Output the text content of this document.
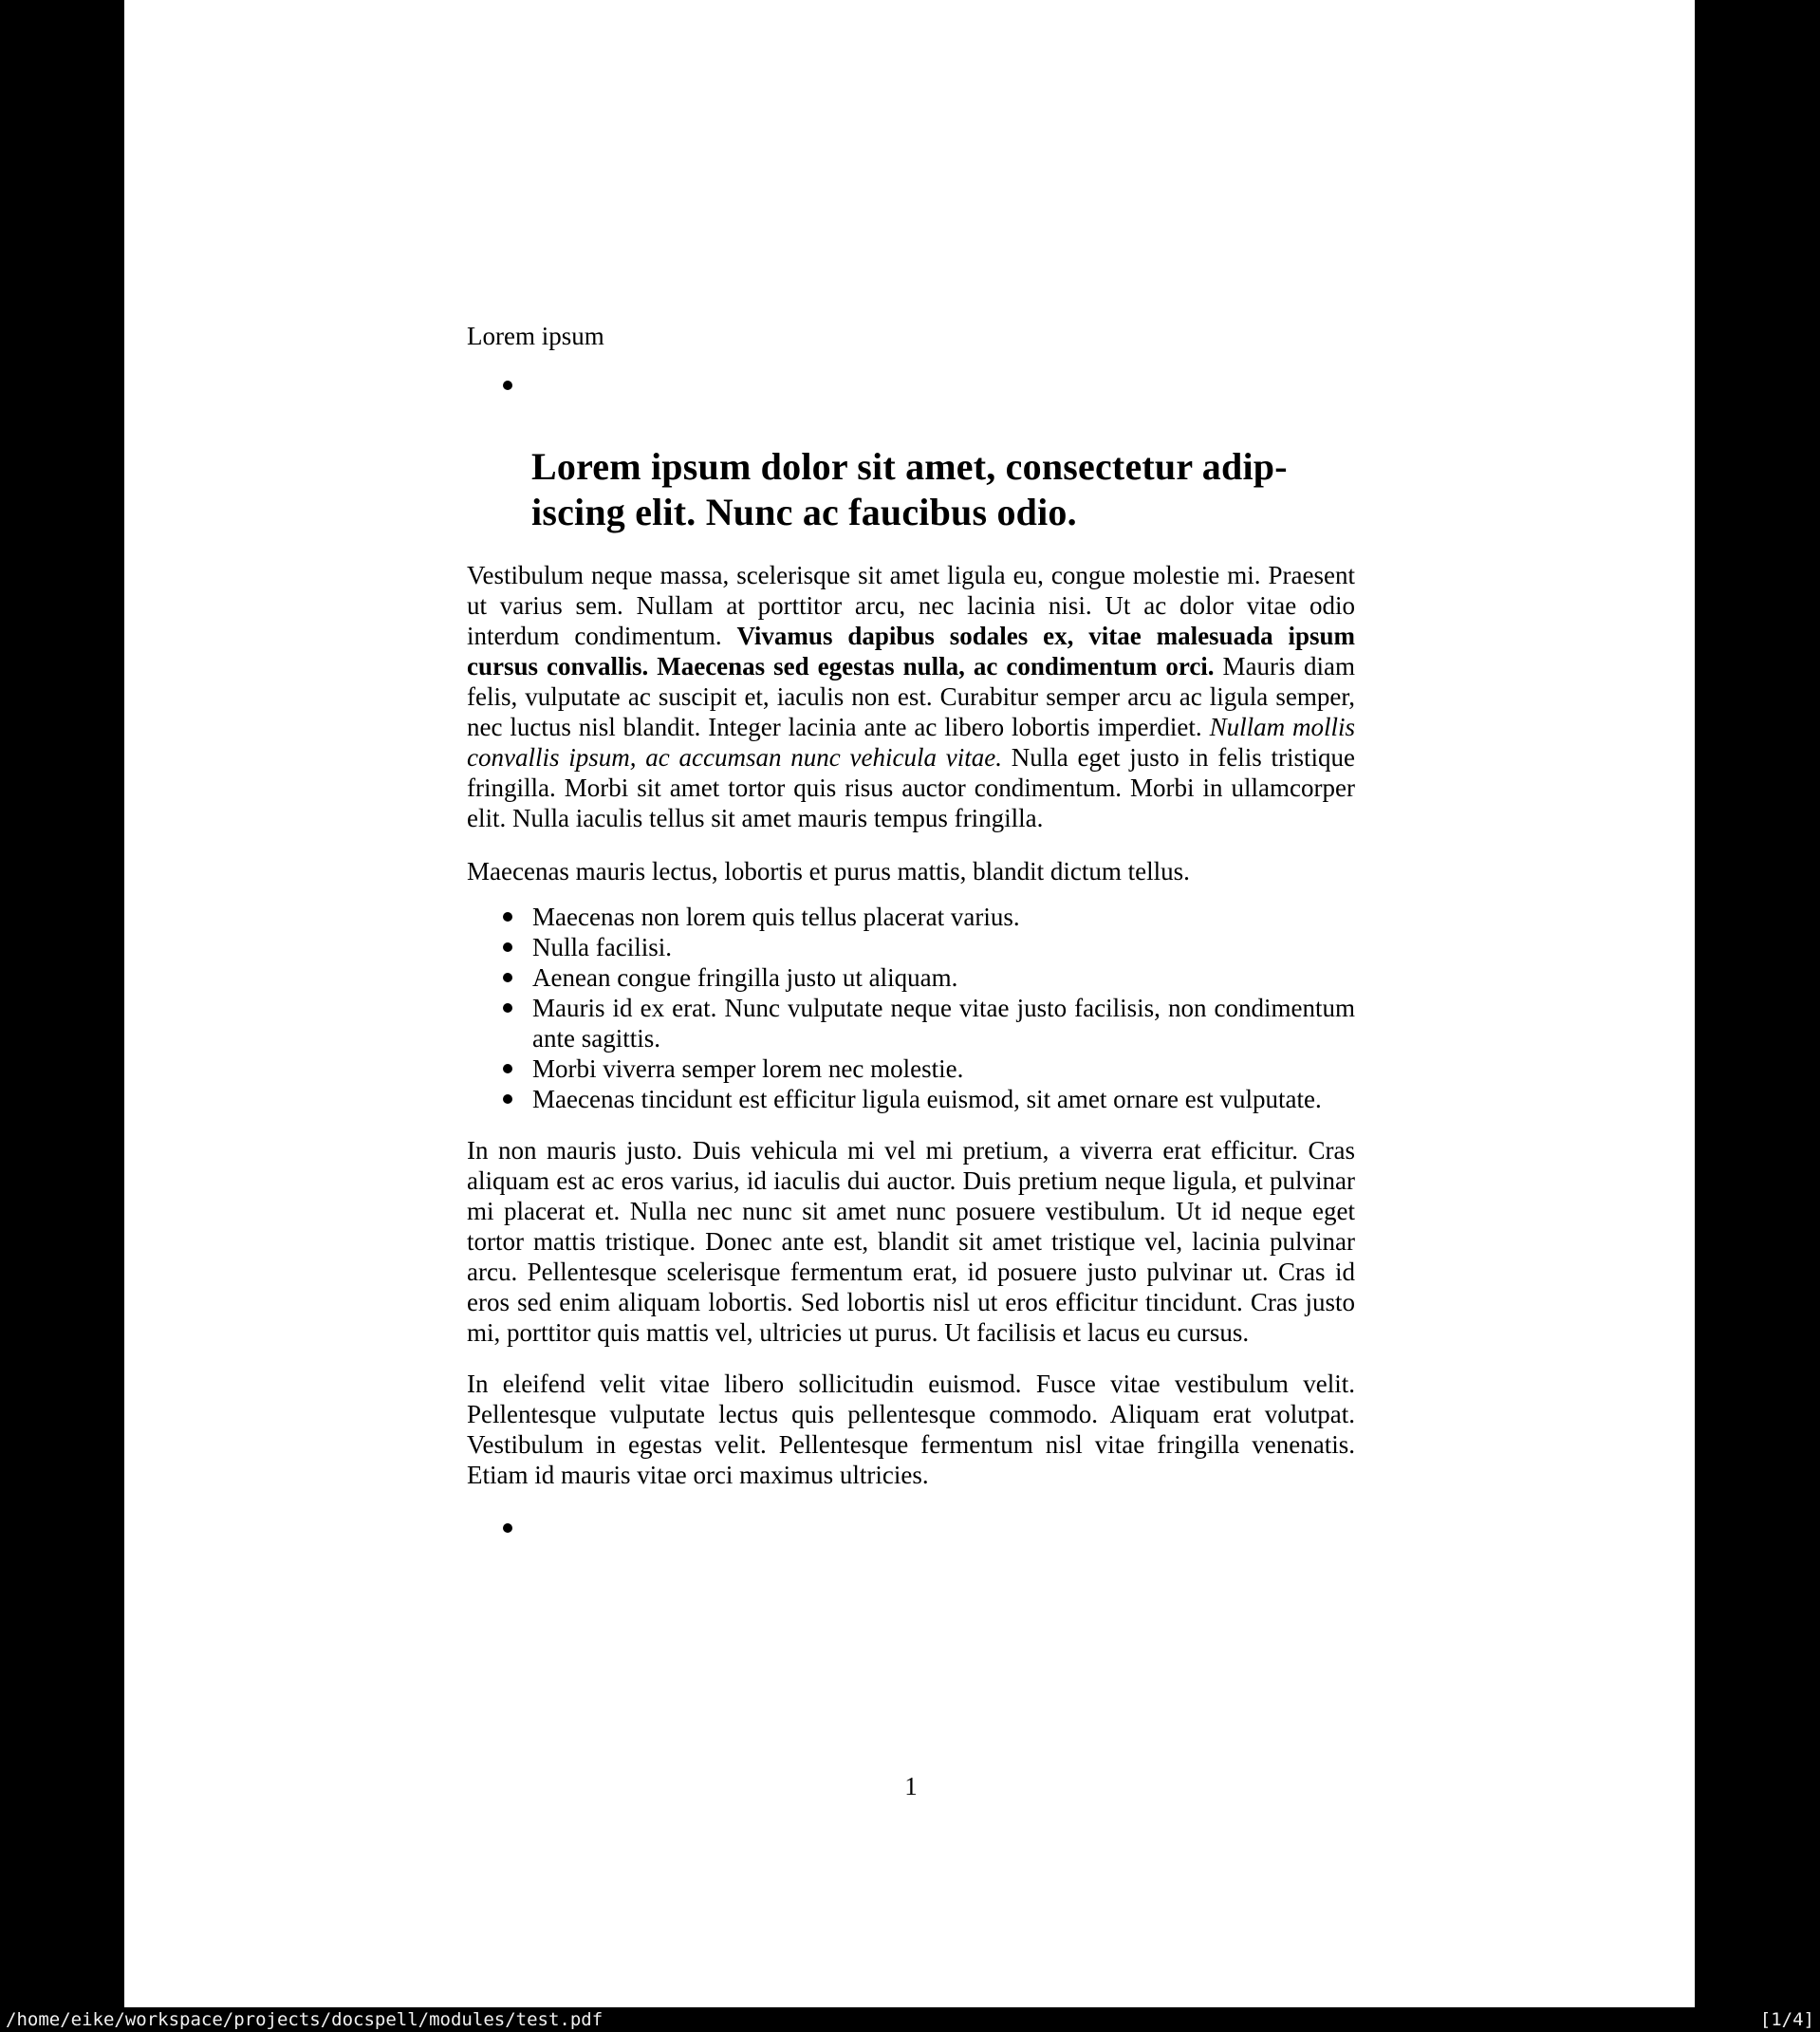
Lorem ipsum
Lorem ipsum dolor sit amet, consectetur adip-
iscing elit. Nunc ac faucibus odio.

Vestibulum neque massa, scelerisque sit amet ligula eu, congue molestie mi. Praesent ut varius sem. Nullam at porttitor arcu, nec lacinia nisi. Ut ac dolor vitae odio interdum condimentum. Vivamus dapibus sodales ex, vitae malesuada ipsum cursus convallis. Maecenas sed egestas nulla, ac condimentum orci. Mauris diam felis, vulputate ac suscipit et, iaculis non est. Curabitur semper arcu ac ligula semper, nec luctus nisl blandit. Integer lacinia ante ac libero lobortis imperdiet. Nullam mollis convallis ipsum, ac accumsan nunc vehicula vitae. Nulla eget justo in felis tristique fringilla. Morbi sit amet tortor quis risus auctor condimentum. Morbi in ullamcorper elit. Nulla iaculis tellus sit amet mauris tempus fringilla.

Maecenas mauris lectus, lobortis et purus mattis, blandit dictum tellus.

Maecenas non lorem quis tellus placerat varius.
Nulla facilisi.
Aenean congue fringilla justo ut aliquam.
Mauris id ex erat. Nunc vulputate neque vitae justo facilisis, non condimentum ante sagittis.
Morbi viverra semper lorem nec molestie.
Maecenas tincidunt est efficitur ligula euismod, sit amet ornare est vulputate.

In non mauris justo. Duis vehicula mi vel mi pretium, a viverra erat efficitur. Cras aliquam est ac eros varius, id iaculis dui auctor. Duis pretium neque ligula, et pulvinar mi placerat et. Nulla nec nunc sit amet nunc posuere vestibulum. Ut id neque eget tortor mattis tristique. Donec ante est, blandit sit amet tristique vel, lacinia pulvinar arcu. Pellentesque scelerisque fermentum erat, id posuere justo pulvinar ut. Cras id eros sed enim aliquam lobortis. Sed lobortis nisl ut eros efficitur tincidunt. Cras justo mi, porttitor quis mattis vel, ultricies ut purus. Ut facilisis et lacus eu cursus.

In eleifend velit vitae libero sollicitudin euismod. Fusce vitae vestibulum velit. Pellentesque vulputate lectus quis pellentesque commodo. Aliquam erat volutpat. Vestibulum in egestas velit. Pellentesque fermentum nisl vitae fringilla venenatis. Etiam id mauris vitae orci maximus ultricies.

1
/home/eike/workspace/projects/docspell/modules/test.pdf	[1/4]
